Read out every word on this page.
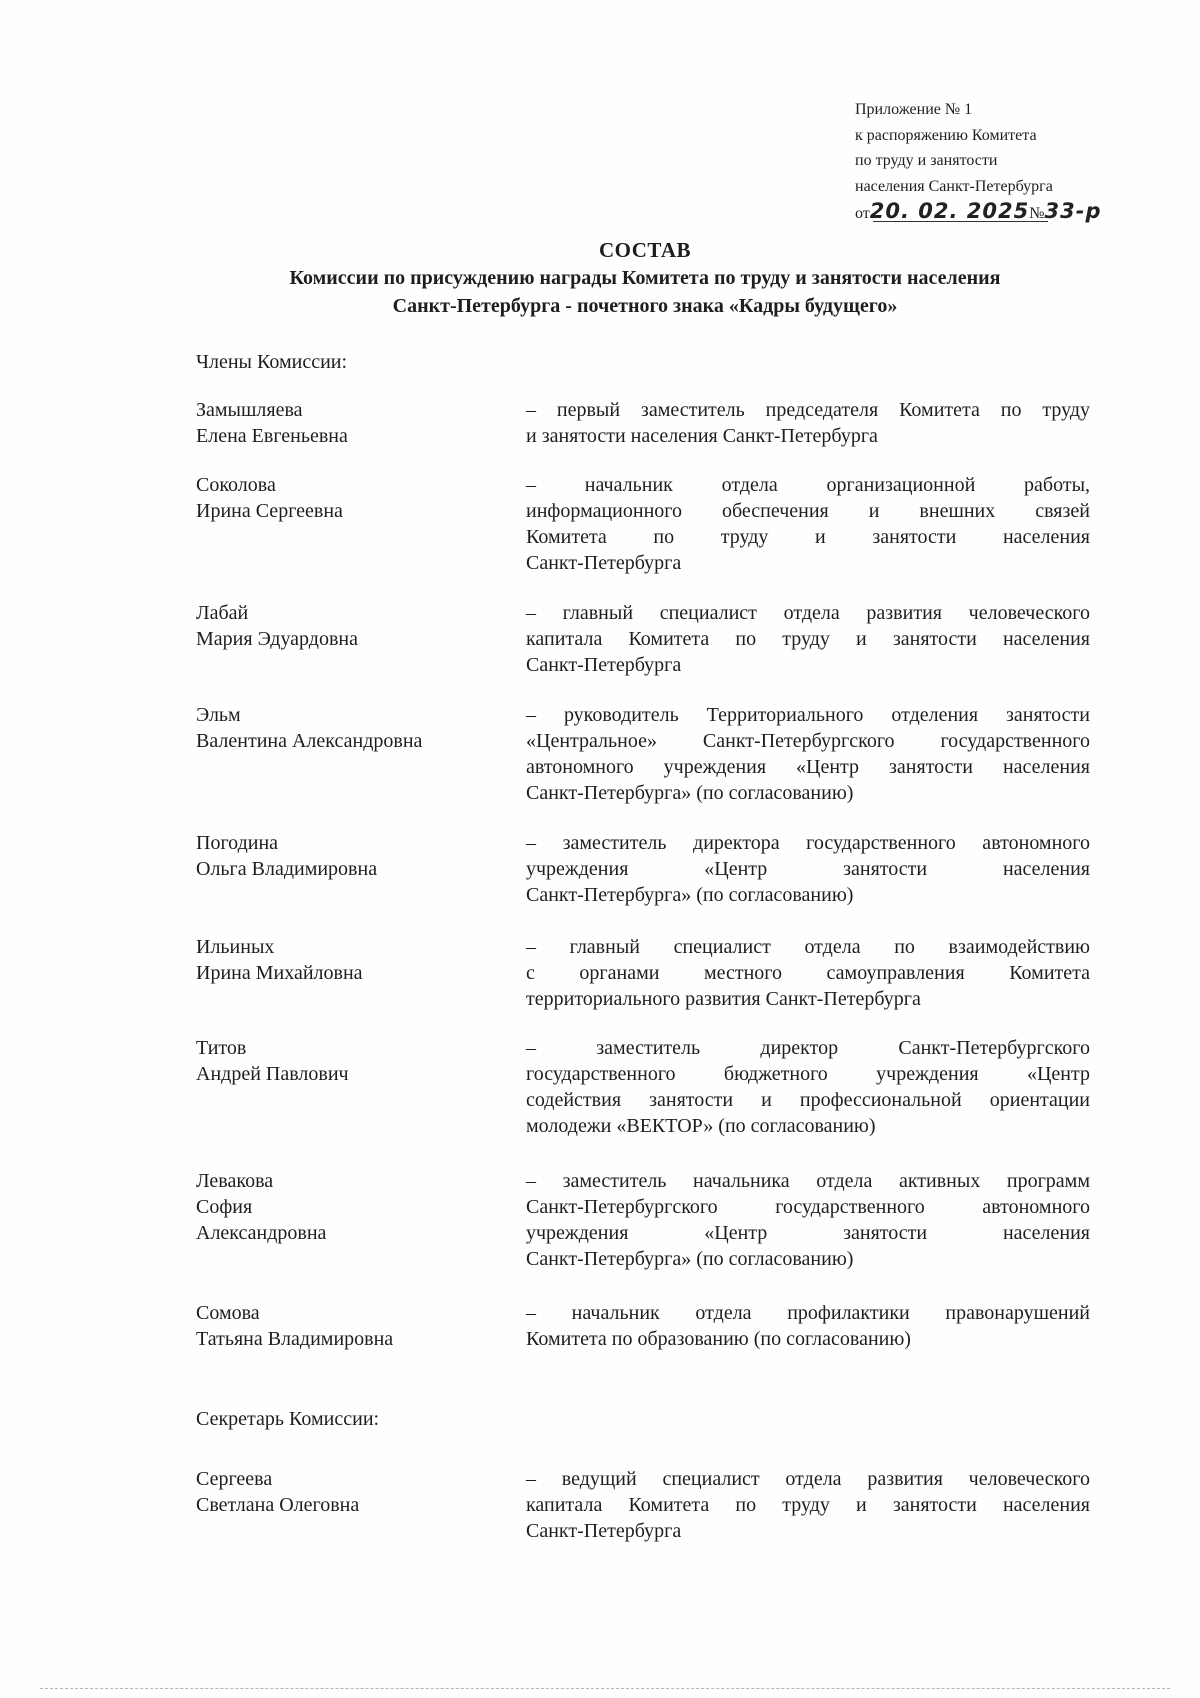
Приложение № 1
к распоряжению Комитета
по труду и занятости
населения Санкт-Петербурга
от20. 02. 2025№33-р
СОСТАВ
Комиссии по присуждению награды Комитета по труду и занятости населения
Санкт-Петербурга - почетного знака «Кадры будущего»
Члены Комиссии:
Замышляева
Елена Евгеньевна
– первый заместитель председателя Комитета по труду
и занятости населения Санкт-Петербурга
Соколова
Ирина Сергеевна
– начальник отдела организационной работы,
информационного обеспечения и внешних связей
Комитета по труду и занятости населения
Санкт-Петербурга
Лабай
Мария Эдуардовна
– главный специалист отдела развития человеческого
капитала Комитета по труду и занятости населения
Санкт-Петербурга
Эльм
Валентина Александровна
– руководитель Территориального отделения занятости
«Центральное» Санкт-Петербургского государственного
автономного учреждения «Центр занятости населения
Санкт-Петербурга» (по согласованию)
Погодина
Ольга Владимировна
– заместитель директора государственного автономного
учреждения «Центр занятости населения
Санкт-Петербурга» (по согласованию)
Ильиных
Ирина Михайловна
– главный специалист отдела по взаимодействию
с органами местного самоуправления Комитета
территориального развития Санкт-Петербурга
Титов
Андрей Павлович
– заместитель директор Санкт-Петербургского
государственного бюджетного учреждения «Центр
содействия занятости и профессиональной ориентации
молодежи «ВЕКТОР» (по согласованию)
Левакова
София
Александровна
– заместитель начальника отдела активных программ
Санкт-Петербургского государственного автономного
учреждения «Центр занятости населения
Санкт-Петербурга» (по согласованию)
Сомова
Татьяна Владимировна
– начальник отдела профилактики правонарушений
Комитета по образованию (по согласованию)
Секретарь Комиссии:
Сергеева
Светлана Олеговна
– ведущий специалист отдела развития человеческого
капитала Комитета по труду и занятости населения
Санкт-Петербурга
